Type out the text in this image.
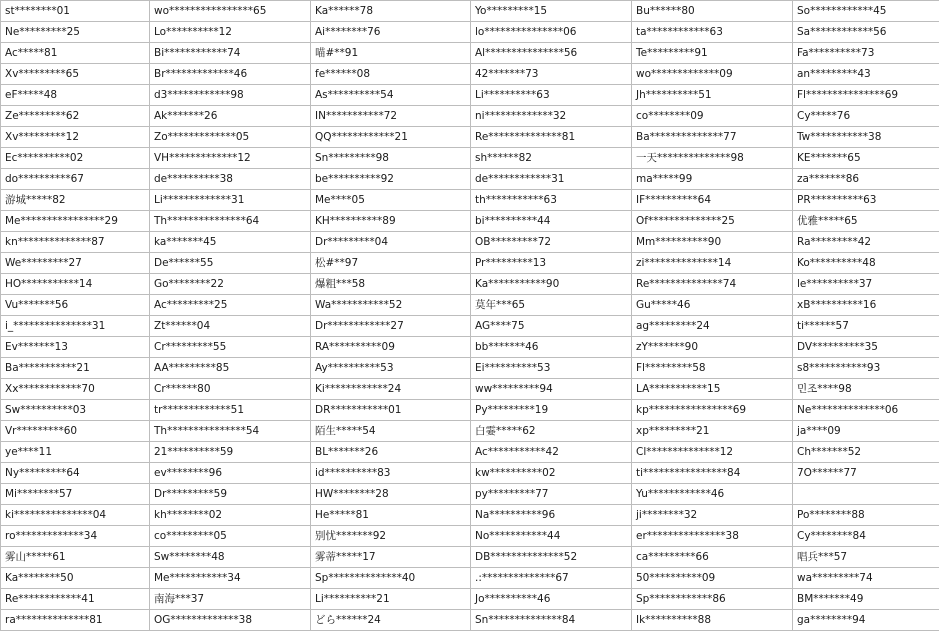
st********01	wo****************65	Ka******78	Yo*********15	Bu******80	So************45
Ne*********25	Lo**********12	Ai********76	lo***************06	ta************63	Sa************56
Ac*****81	Bi************74	喵#**91	Al***************56	Te*********91	Fa**********73
Xv*********65	Br*************46	fe******08	42*******73	wo*************09	an*********43
eF*****48	d3************98	As**********54	Li**********63	Jh**********51	Fl***************69
Ze*********62	Ak*******26	IN***********72	ni*************32	co********09	Cy*****76
Xv*********12	Zo*************05	QQ************21	Re**************81	Ba**************77	Tw***********38
Ec**********02	VH*************12	Sn*********98	sh******82	一天**************98	KE*******65
do**********67	de**********38	be**********92	de************31	ma*****99	za*******86
游城*****82	Li*************31	Me****05	th***********63	IF**********64	PR**********63
Me****************29	Th***************64	KH**********89	bi**********44	Of**************25	优雅*****65
kn**************87	ka*******45	Dr*********04	OB*********72	Mm**********90	Ra*********42
We*********27	De******55	松#**97	Pr*********13	zi**************14	Ko**********48
HO***********14	Go********22	爆粗***58	Ka***********90	Re**************74	le**********37
Vu*******56	Ac*********25	Wa***********52	莫年***65	Gu*****46	xB**********16
i_***************31	Zt******04	Dr************27	AG****75	ag*********24	ti******57
Ev*******13	Cr*********55	RA**********09	bb*******46	zY*******90	DV**********35
Ba***********21	AA*********85	Ay**********53	Ei**********53	Fl*********58	s8***********93
Xx************70	Cr******80	Ki************24	ww*********94	LA***********15	민조****98
Sw**********03	tr*************51	DR***********01	Py*********19	kp****************69	Ne**************06
Vr*********60	Th***************54	陌生*****54	白霎*****62	xp*********21	ja****09
ye****11	21**********59	BL*******26	Ac***********42	Cl**************12	Ch*******52
Ny*********64	ev********96	id**********83	kw**********02	ti****************84	7O******77
Mi********57	Dr*********59	HW********28	py*********77	Yu************46	
ki***************04	kh********02	He*****81	Na**********96	ji********32	Po********88
ro*************34	co*********05	别忧*******92	No***********44	er***************38	Cy********84
雾山*****61	Sw********48	雾蒂*****17	DB**************52	ca*********66	唱兵***57
Ka********50	Me***********34	Sp**************40	.:**************67	50**********09	wa*********74
Re************41	南海***37	Li**********21	Jo**********46	Sp************86	BM*******49
ra**************81	OG*************38	どら******24	Sn**************84	Ik**********88	ga********94
